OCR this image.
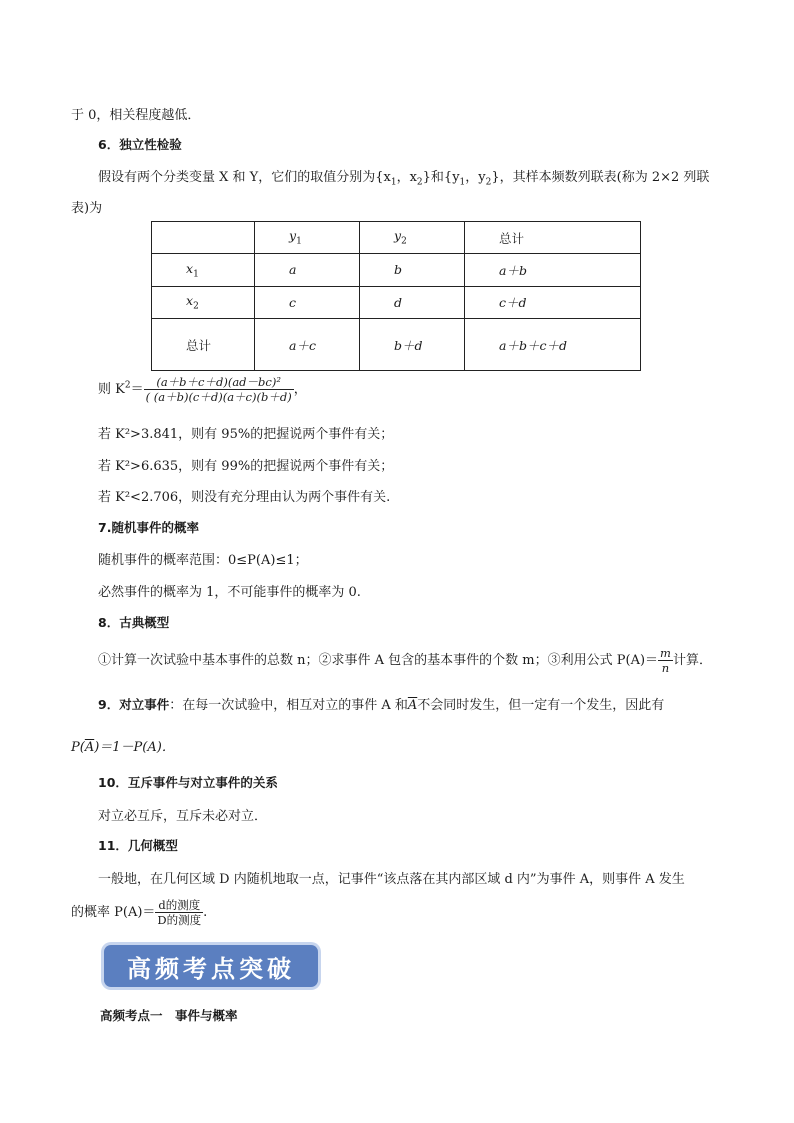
于 0，相关程度越低．
6．独立性检验
假设有两个分类变量 X 和 Y，它们的取值分别为{$x_1$，$x_2$}和{$y_1$，$y_2$}，其样本频数列联表(称为 2×2 列联
表)为
	$y_1$	$y_2$	总计
$x_1$	a	b	a＋b
$x_2$	c	d	c＋d
总计	a＋c	b＋d	a＋b＋c＋d
则 $K^2= \frac{\text{(a＋b＋c＋d)(ad－bc)²}}{( (a+b)(c+d)(a+c)(b+d)}$ ，
若 K²>3.841，则有 95%的把握说两个事件有关；
若 K²>6.635，则有 99%的把握说两个事件有关；
若 K²<2.706，则没有充分理由认为两个事件有关.
7.随机事件的概率
随机事件的概率范围：0≤P(A)≤1；
必然事件的概率为 1，不可能事件的概率为 0.
8．古典概型
①计算一次试验中基本事件的总数 n；②求事件 A 包含的基本事件的个数 m；③利用公式 $P(A)= \frac{m}{n}$ 计算．
9．对立事件：在每一次试验中，相互对立的事件 A 和$\overline{A}$不会同时发生，但一定有一个发生，因此有
$P(\overline{A})=1-P(A)$．
10．互斥事件与对立事件的关系
对立必互斥，互斥未必对立．
11．几何概型
一般地，在几何区域 D 内随机地取一点，记事件“该点落在其内部区域 d 内”为事件 A，则事件 A 发生
的概率 $P(A)= \frac{\text{d的测度}}{\text{D的测度}}$ .
高频考点突破
高频考点一　事件与概率
